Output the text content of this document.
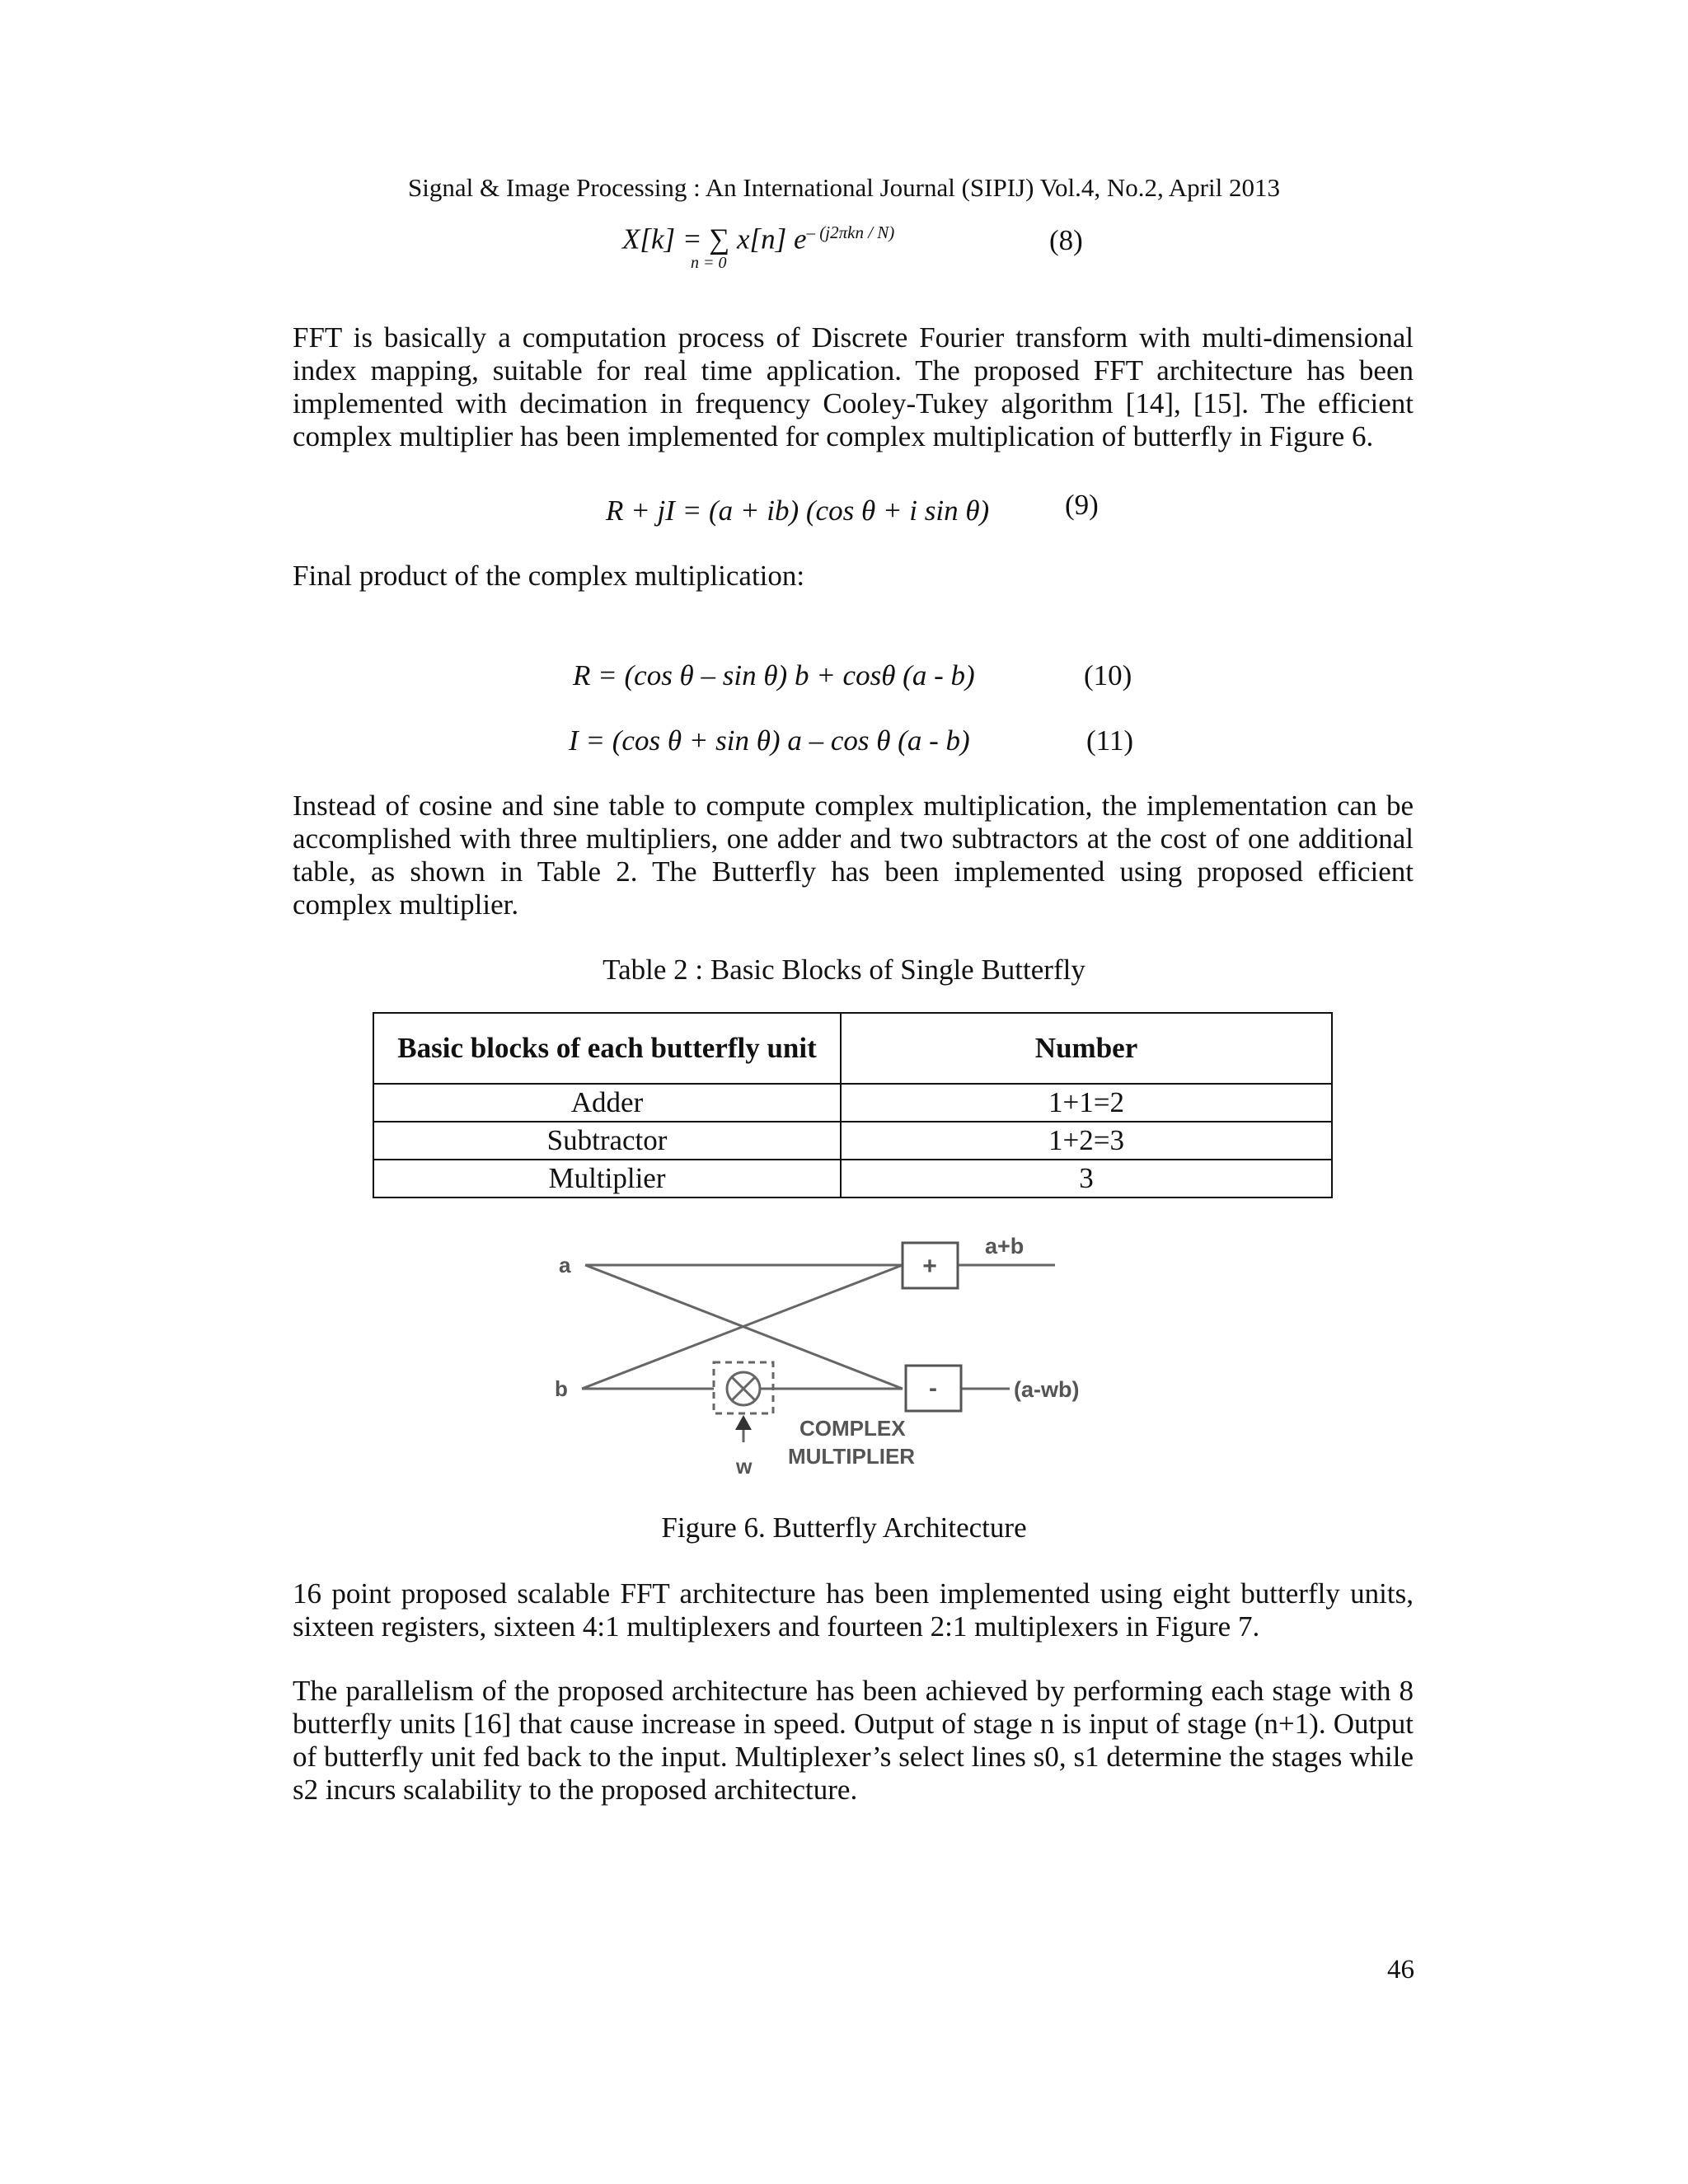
Signal & Image Processing : An International Journal (SIPIJ) Vol.4, No.2, April 2013
X[k] = ∑ x[n] $e^{- (j2\pi kn / N)}$
n = 0
(8)
FFT is basically a computation process of Discrete Fourier transform with multi-dimensional index mapping, suitable for real time application. The proposed FFT architecture has been implemented with decimation in frequency Cooley-Tukey algorithm [14], [15]. The efficient complex multiplier has been implemented for complex multiplication of butterfly in Figure 6.
R + jI = (a + ib) (cos θ + i sin θ)	(9)
Final product of the complex multiplication:
R = (cos θ – sin θ) b + cosθ (a - b)	(10)
I = (cos θ + sin θ) a – cos θ (a - b)	(11)
Instead of cosine and sine table to compute complex multiplication, the implementation can be accomplished with three multipliers, one adder and two subtractors at the cost of one additional table, as shown in Table 2. The Butterfly has been implemented using proposed efficient complex multiplier.
Table 2 : Basic Blocks of Single Butterfly
Basic blocks of each butterfly unit	Number
Adder	1+1=2
Subtractor	1+2=3
Multiplier	3
+
-
a
b
a+b
(a-wb)
w
COMPLEX
MULTIPLIER
Figure 6. Butterfly Architecture
16 point proposed scalable FFT architecture has been implemented using eight butterfly units, sixteen registers, sixteen 4:1 multiplexers and fourteen 2:1 multiplexers in Figure 7.
The parallelism of the proposed architecture has been achieved by performing each stage with 8 butterfly units [16] that cause increase in speed. Output of stage n is input of stage (n+1). Output of butterfly unit fed back to the input. Multiplexer’s select lines s0, s1 determine the stages while s2 incurs scalability to the proposed architecture.
46
